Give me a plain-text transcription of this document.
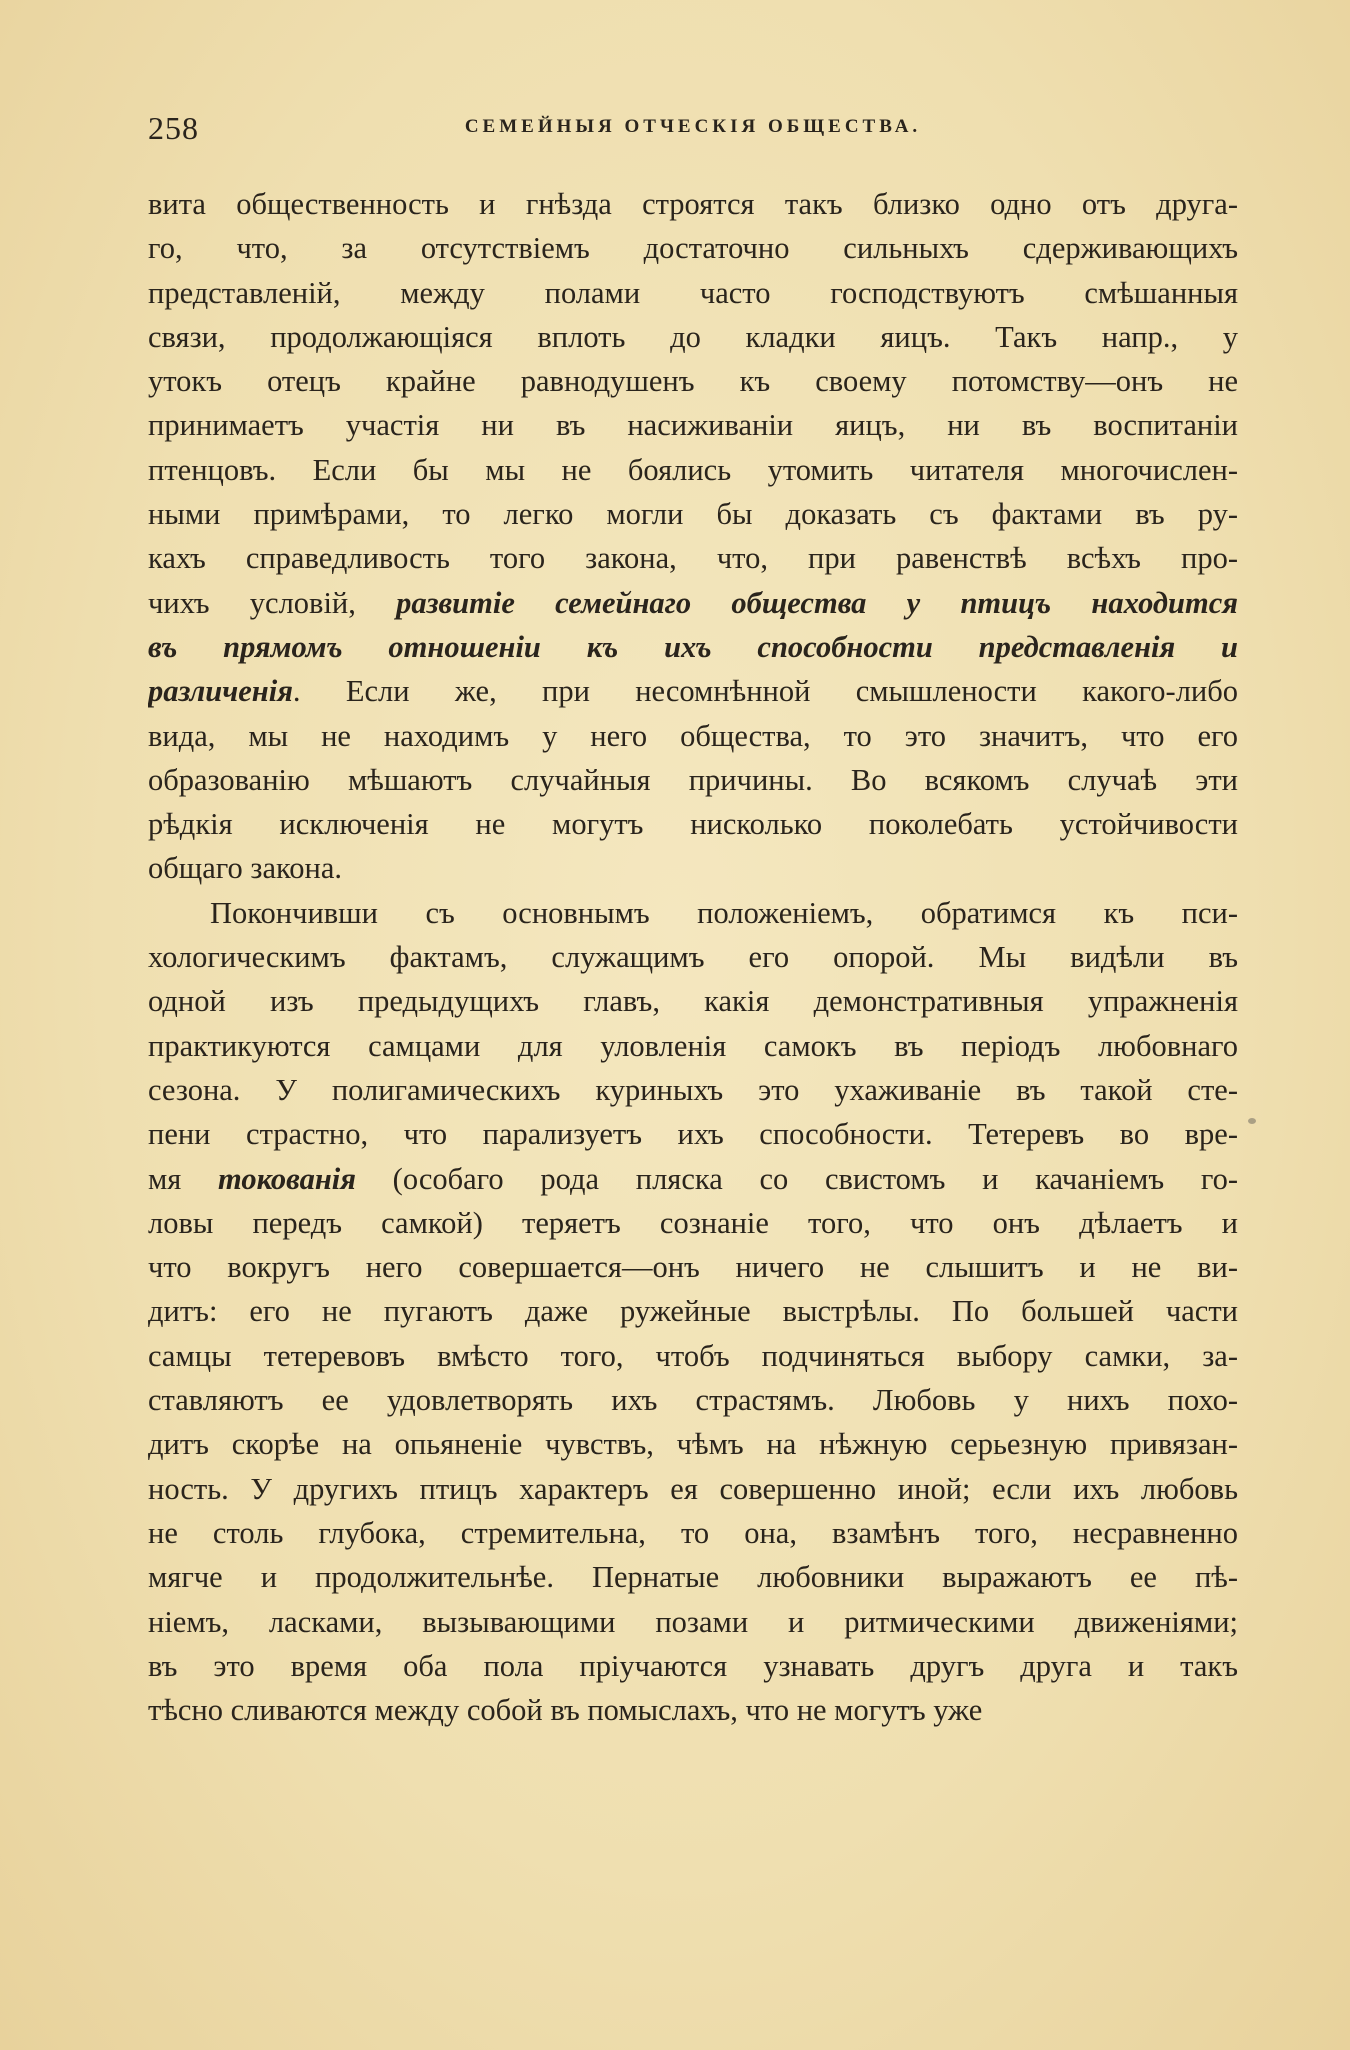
258	СЕМЕЙНЫЯ ОТЧЕСКІЯ ОБЩЕСТВА.
вита общественность и гнѣзда строятся такъ близко одно отъ друга-
го, что, за отсутствіемъ достаточно сильныхъ сдерживающихъ
представленій, между полами часто господствуютъ смѣшанныя
связи, продолжающіяся вплоть до кладки яицъ. Такъ напр., у
утокъ отецъ крайне равнодушенъ къ своему потомству—онъ не
принимаетъ участія ни въ насиживаніи яицъ, ни въ воспитаніи
птенцовъ. Если бы мы не боялись утомить читателя многочислен-
ными примѣрами, то легко могли бы доказать съ фактами въ ру-
кахъ справедливость того закона, что, при равенствѣ всѣхъ про-
чихъ условій, развитіе семейнаго общества у птицъ находится
въ прямомъ отношеніи къ ихъ способности представленія и
различенія. Если же, при несомнѣнной смышлености какого-либо
вида, мы не находимъ у него общества, то это значитъ, что его
образованію мѣшаютъ случайныя причины. Во всякомъ случаѣ эти
рѣдкія исключенія не могутъ нисколько поколебать устойчивости
общаго закона.
Покончивши съ основнымъ положеніемъ, обратимся къ пси-
хологическимъ фактамъ, служащимъ его опорой. Мы видѣли въ
одной изъ предыдущихъ главъ, какія демонстративныя упражненія
практикуются самцами для уловленія самокъ въ періодъ любовнаго
сезона. У полигамическихъ куриныхъ это ухаживаніе въ такой сте-
пени страстно, что парализуетъ ихъ способности. Тетеревъ во вре-
мя токованія (особаго рода пляска со свистомъ и качаніемъ го-
ловы передъ самкой) теряетъ сознаніе того, что онъ дѣлаетъ и
что вокругъ него совершается—онъ ничего не слышитъ и не ви-
дитъ: его не пугаютъ даже ружейные выстрѣлы. По большей части
самцы тетеревовъ вмѣсто того, чтобъ подчиняться выбору самки, за-
ставляютъ ее удовлетворять ихъ страстямъ. Любовь у нихъ похо-
дитъ скорѣе на опьяненіе чувствъ, чѣмъ на нѣжную серьезную привязан-
ность. У другихъ птицъ характеръ ея совершенно иной; если ихъ любовь
не столь глубока, стремительна, то она, взамѣнъ того, несравненно
мягче и продолжительнѣе. Пернатые любовники выражаютъ ее пѣ-
ніемъ, ласками, вызывающими позами и ритмическими движеніями;
въ это время оба пола пріучаются узнавать другъ друга и такъ
тѣсно сливаются между собой въ помыслахъ, что не могутъ уже
